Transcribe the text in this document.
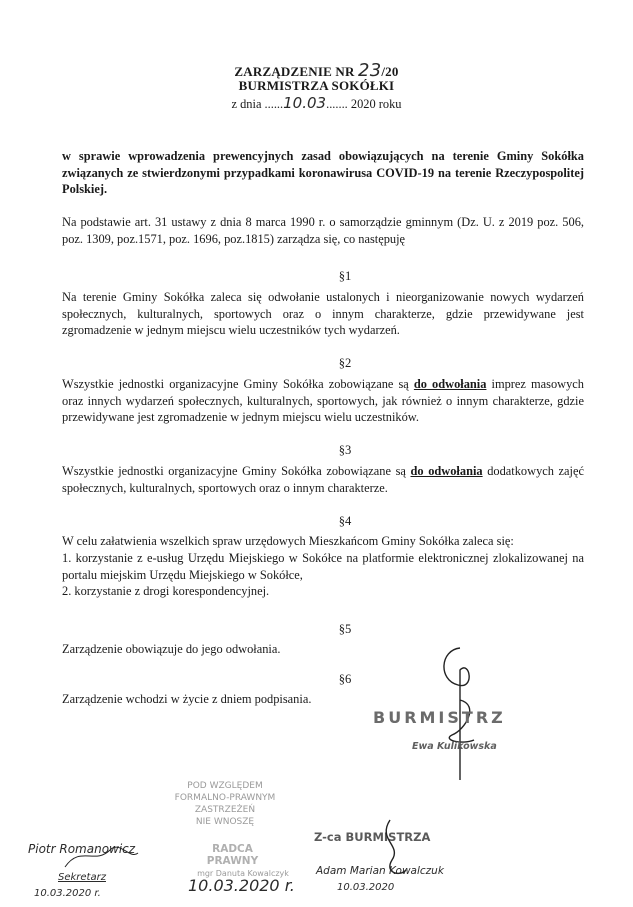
ZARZĄDZENIE NR 23/20
BURMISTRZA SOKÓŁKI
z dnia ......10.03....... 2020 roku
w sprawie wprowadzenia prewencyjnych zasad obowiązujących na terenie Gminy Sokółka związanych ze stwierdzonymi przypadkami koronawirusa COVID-19 na terenie Rzeczypospolitej Polskiej.
Na podstawie art. 31 ustawy z dnia 8 marca 1990 r. o samorządzie gminnym (Dz. U. z 2019 poz. 506, poz. 1309, poz.1571, poz. 1696, poz.1815) zarządza się, co następuję
§1
Na terenie Gminy Sokółka zaleca się odwołanie ustalonych i nieorganizowanie nowych wydarzeń społecznych, kulturalnych, sportowych oraz o innym charakterze, gdzie przewidywane jest zgromadzenie w jednym miejscu wielu uczestników tych wydarzeń.
§2
Wszystkie jednostki organizacyjne Gminy Sokółka zobowiązane są do odwołania imprez masowych oraz innych wydarzeń społecznych, kulturalnych, sportowych, jak również o innym charakterze, gdzie przewidywane jest zgromadzenie w jednym miejscu wielu uczestników.
§3
Wszystkie jednostki organizacyjne Gminy Sokółka zobowiązane są do odwołania dodatkowych zajęć społecznych, kulturalnych, sportowych oraz o innym charakterze.
§4
W celu załatwienia wszelkich spraw urzędowych Mieszkańcom Gminy Sokółka zaleca się:
1. korzystanie z e-usług Urzędu Miejskiego w Sokółce na platformie elektronicznej zlokalizowanej na portalu miejskim Urzędu Miejskiego w Sokółce,
2. korzystanie z drogi korespondencyjnej.
§5
Zarządzenie obowiązuje do jego odwołania.
§6
Zarządzenie wchodzi w życie z dniem podpisania.
BURMISTRZ
Ewa Kulikowska
POD WZGLĘDEM
FORMALNO-PRAWNYM
ZASTRZEŻEŃ
NIE WNOSZĘ
RADCA PRAWNY
mgr Danuta Kowalczyk
10.03.2020 r.
Piotr Romanowicz
Sekretarz
10.03.2020 r.
Z-ca BURMISTRZA
Adam Marian Kowalczuk
10.03.2020
